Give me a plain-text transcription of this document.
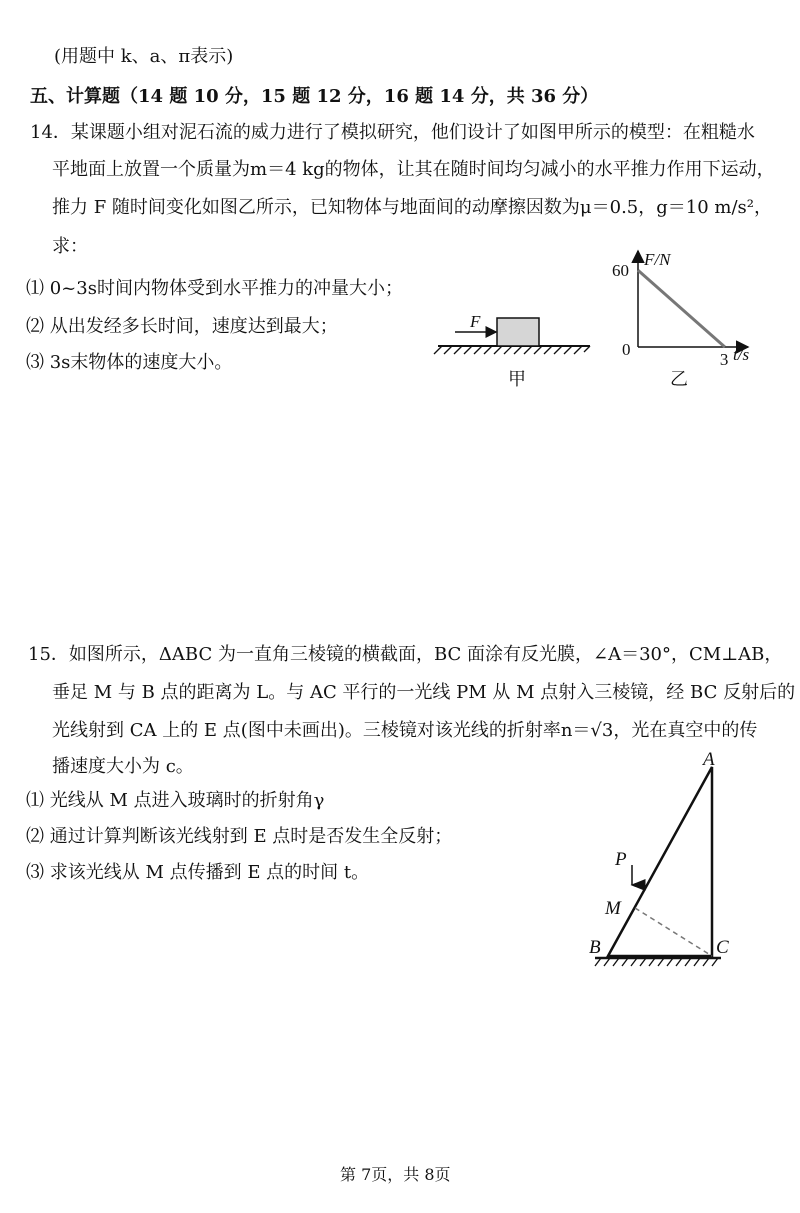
(用题中 k、a、π表示)
五、计算题（14 题 10 分，15 题 12 分，16 题 14 分，共 36 分）
14．某课题小组对泥石流的威力进行了模拟研究，他们设计了如图甲所示的模型：在粗糙水
平地面上放置一个质量为m＝4 kg的物体，让其在随时间均匀减小的水平推力作用下运动，
推力 F 随时间变化如图乙所示，已知物体与地面间的动摩擦因数为μ＝0.5，g＝10 m/s²，
求：
⑴ 0~3s时间内物体受到水平推力的冲量大小；
⑵ 从出发经多长时间，速度达到最大；
⑶ 3s末物体的速度大小。
F
甲
F/N
t/s
60
3
0
乙
15．如图所示，ΔABC 为一直角三棱镜的横截面，BC 面涂有反光膜，∠A＝30°，CM⊥AB，
垂足 M 与 B 点的距离为 L。与 AC 平行的一光线 PM 从 M 点射入三棱镜，经 BC 反射后的
光线射到 CA 上的 E 点(图中未画出)。三棱镜对该光线的折射率n＝√3，光在真空中的传
播速度大小为 c。
⑴ 光线从 M 点进入玻璃时的折射角γ
⑵ 通过计算判断该光线射到 E 点时是否发生全反射；
⑶ 求该光线从 M 点传播到 E 点的时间 t。
A
B	C
M
P
第 7页，共 8页
